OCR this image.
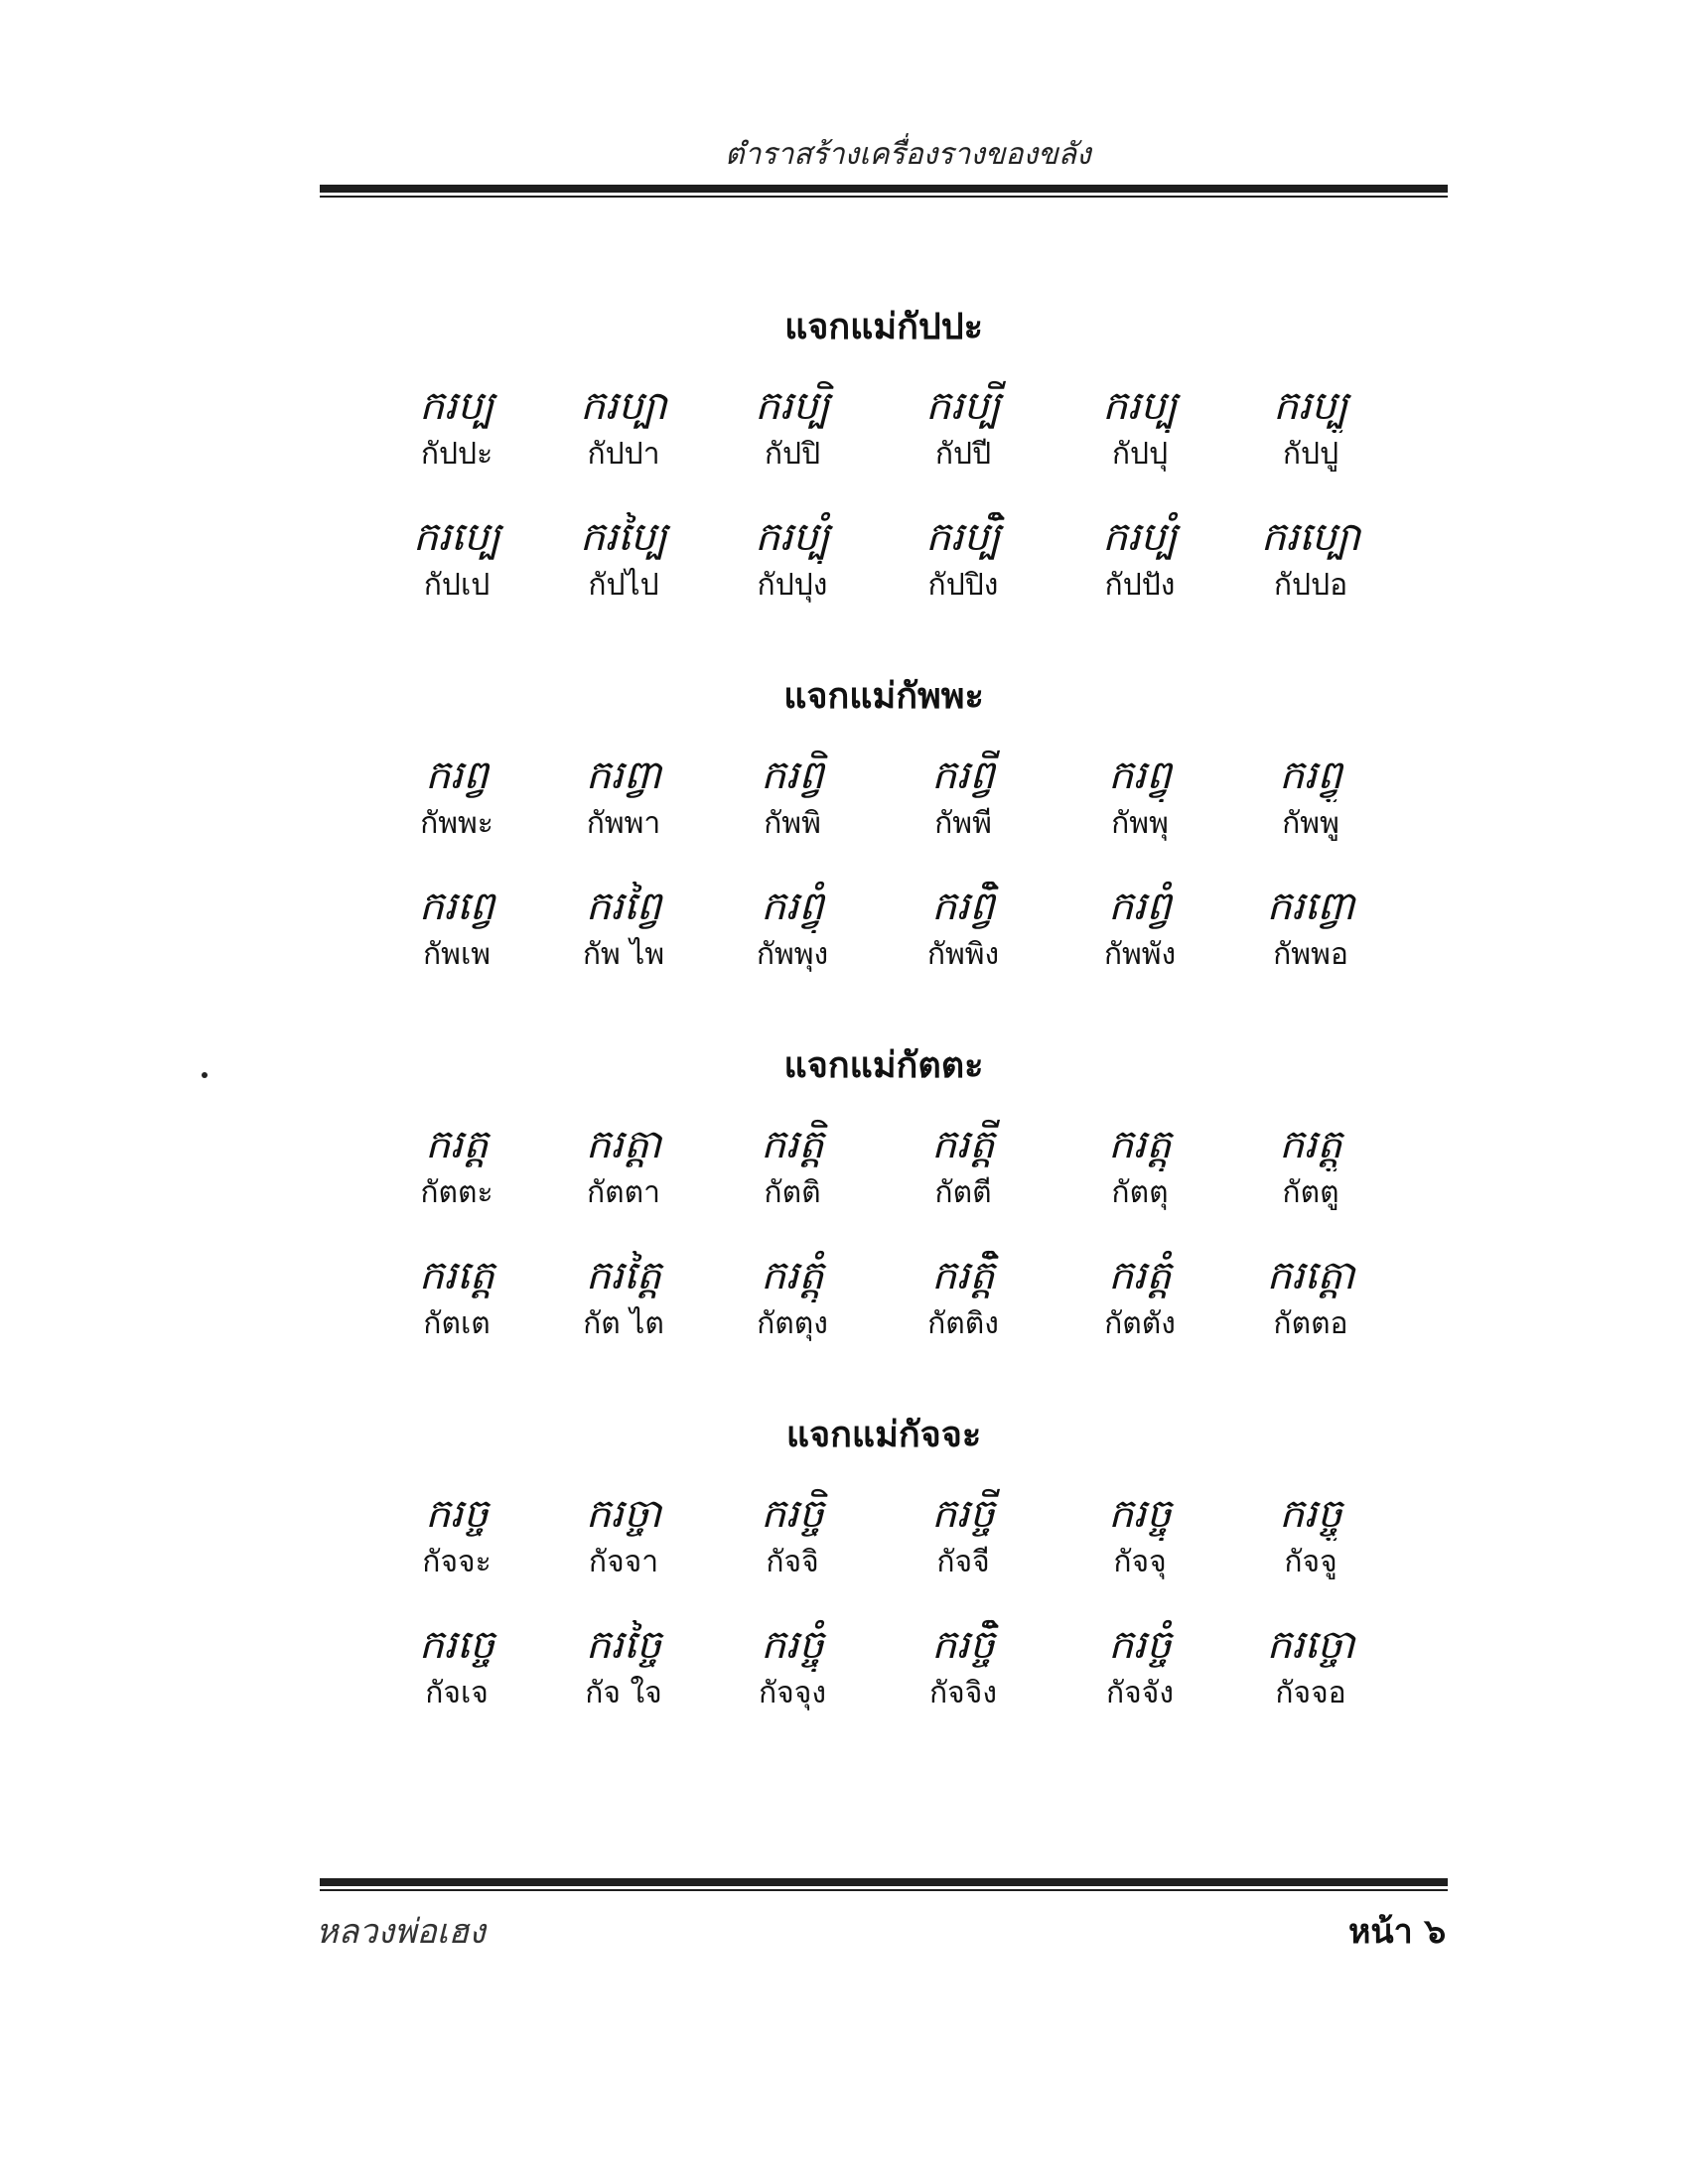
ตำราสร้างเครื่องรางของขลัง
แจกแม่กัปปะ
ករប្ប
กัปปะ
ករប្បា
กัปปา
ករប្បិ
กัปปิ
ករប្បី
กัปปี
ករប្បុ
กัปปุ
ករប្បូ
กัปปู
ករប្បេ
กัปเป
ករប្បៃ
กัปไป
ករប្បុំ
กัปปุง
ករប្បិំ
กัปปิง
ករប្បំ
กัปปัง
ករប្បោ
กัปปอ
แจกแม่กัพพะ
ករព្វ
กัพพะ
ករព្វា
กัพพา
ករព្វិ
กัพพิ
ករព្វី
กัพพี
ករព្វុ
กัพพุ
ករព្វូ
กัพพู
ករព្វេ
กัพเพ
ករព្វៃ
กัพ ไพ
ករព្វុំ
กัพพุง
ករព្វិំ
กัพพิง
ករព្វំ
กัพพัง
ករព្វោ
กัพพอ
แจกแม่กัตตะ
ករត្ត
กัตตะ
ករត្តា
กัตตา
ករត្តិ
กัตติ
ករត្តី
กัตตี
ករត្តុ
กัตตุ
ករត្តូ
กัตตู
ករត្តេ
กัตเต
ករត្តៃ
กัต ไต
ករត្តុំ
กัตตุง
ករត្តិំ
กัตติง
ករត្តំ
กัตตัง
ករត្តោ
กัตตอ
แจกแม่กัจจะ
ករច្ច
กัจจะ
ករច្ចា
กัจจา
ករច្ចិ
กัจจิ
ករច្ចី
กัจจี
ករច្ចុ
กัจจุ
ករច្ចូ
กัจจู
ករច្ចេ
กัจเจ
ករច្ចៃ
กัจ ใจ
ករច្ចុំ
กัจจุง
ករច្ចិំ
กัจจิง
ករច្ចំ
กัจจัง
ករច្ចោ
กัจจอ
หลวงพ่อเฮง	หน้า ๖
